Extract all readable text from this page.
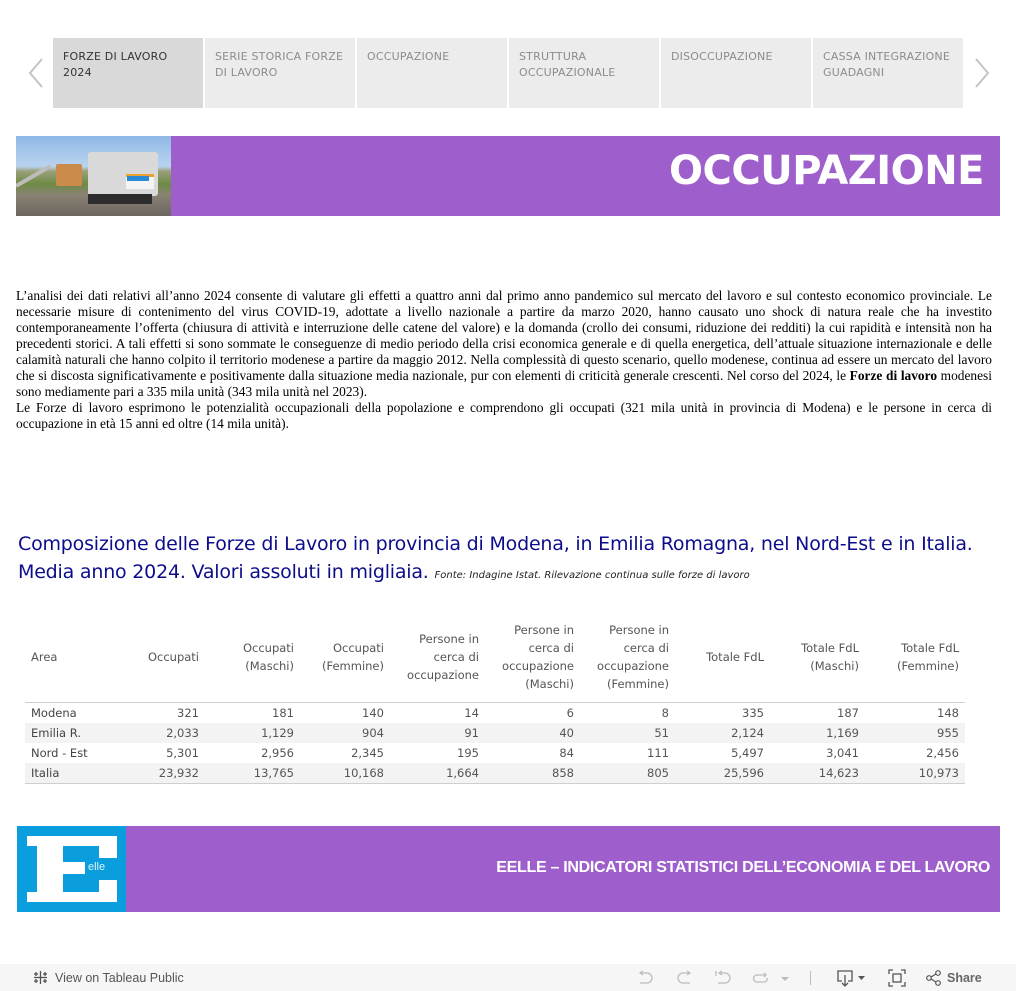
FORZE DI LAVORO 2024
SERIE STORICA FORZE DI LAVORO
OCCUPAZIONE	STRUTTURA OCCUPAZIONALE
DISOCCUPAZIONE	CASSA INTEGRAZIONE GUADAGNI
OCCUPAZIONE

L’analisi dei dati relativi all’anno 2024 consente di valutare gli effetti a quattro anni dal primo anno pandemico sul mercato del lavoro e sul contesto economico provinciale. Le necessarie misure di contenimento del virus COVID-19, adottate a livello nazionale a partire da marzo 2020, hanno causato uno shock di natura reale che ha investito contemporaneamente l’offerta (chiusura di attività e interruzione delle catene del valore) e la domanda (crollo dei consumi, riduzione dei redditi) la cui rapidità e intensità non ha precedenti storici. A tali effetti si sono sommate le conseguenze di medio periodo della crisi economica generale e di quella energetica, dell’attuale situazione internazionale e delle calamità naturali che hanno colpito il territorio modenese a partire da maggio 2012. Nella complessità di questo scenario, quello modenese, continua ad essere un mercato del lavoro che si discosta significativamente e positivamente dalla situazione media nazionale, pur con elementi di criticità generale crescenti. Nel corso del 2024, le Forze di lavoro modenesi sono mediamente pari a 335 mila unità (343 mila unità nel 2023).

Le Forze di lavoro esprimono le potenzialità occupazionali della popolazione e comprendono gli occupati (321 mila unità in provincia di Modena) e le persone in cerca di occupazione in età 15 anni ed oltre (14 mila unità).

Composizione delle Forze di Lavoro in provincia di Modena, in Emilia Romagna, nel Nord-Est e in Italia. Media anno 2024. Valori assoluti in migliaia. Fonte: Indagine Istat. Rilevazione continua sulle forze di lavoro
Area	Occupati	Occupati (Maschi)	Occupati (Femmine)	Persone in cerca di occupazione	Persone in cerca di occupazione (Maschi)	Persone in cerca di occupazione (Femmine)	Totale FdL	Totale FdL (Maschi)	Totale FdL (Femmine)
Modena	321	181	140	14	6	8	335	187	148
Emilia R.	2,033	1,129	904	91	40	51	2,124	1,169	955
Nord - Est	5,301	2,956	2,345	195	84	111	5,497	3,041	2,456
Italia	23,932	13,765	10,168	1,664	858	805	25,596	14,623	10,973
elle	EELLE – INDICATORI STATISTICI DELL’ECONOMIA E DEL LAVORO
View on Tableau Public	Share
